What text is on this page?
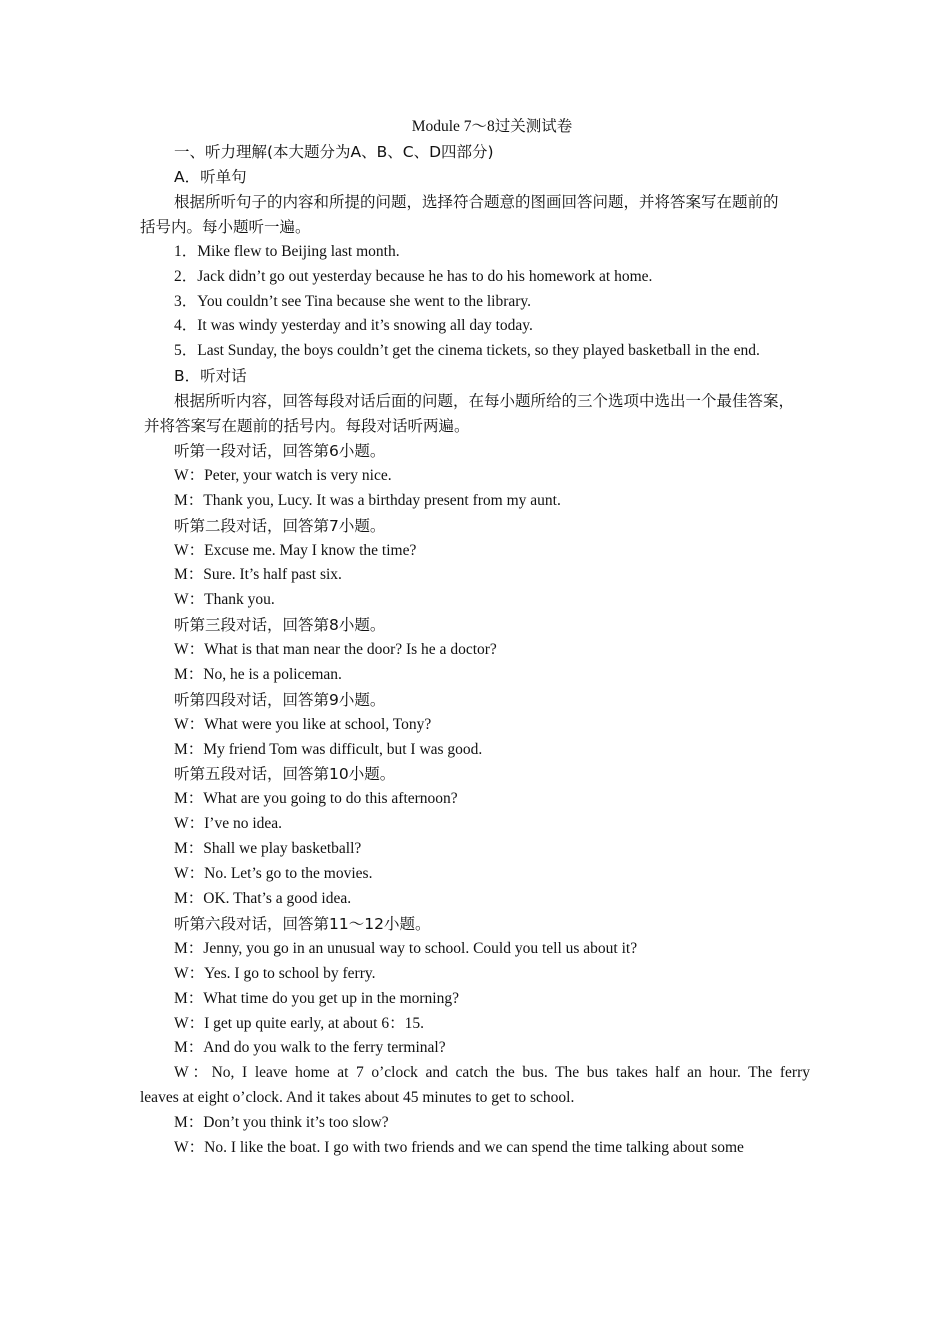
Module 7～8过关测试卷
一、听力理解(本大题分为A、B、C、D四部分)
A．听单句
根据所听句子的内容和所提的问题，选择符合题意的图画回答问题，并将答案写在题前的
括号内。每小题听一遍。
1．Mike flew to Beijing last month.
2．Jack didn’t go out yesterday because he has to do his homework at home.
3．You couldn’t see Tina because she went to the library.
4．It was windy yesterday and it’s snowing all day today.
5．Last Sunday, the boys couldn’t get the cinema tickets, so they played basketball in the end.
B．听对话
根据所听内容，回答每段对话后面的问题，在每小题所给的三个选项中选出一个最佳答案，
并将答案写在题前的括号内。每段对话听两遍。
听第一段对话，回答第6小题。
W：Peter, your watch is very nice.
M：Thank you, Lucy. It was a birthday present from my aunt.
听第二段对话，回答第7小题。
W：Excuse me. May I know the time?
M：Sure. It’s half past six.
W：Thank you.
听第三段对话，回答第8小题。
W：What is that man near the door? Is he a doctor?
M：No, he is a policeman.
听第四段对话，回答第9小题。
W：What were you like at school, Tony?
M：My friend Tom was difficult, but I was good.
听第五段对话，回答第10小题。
M：What are you going to do this afternoon?
W：I’ve no idea.
M：Shall we play basketball?
W：No. Let’s go to the movies.
M：OK. That’s a good idea.
听第六段对话，回答第11～12小题。
M：Jenny, you go in an unusual way to school. Could you tell us about it?
W：Yes. I go to school by ferry.
M：What time do you get up in the morning?
W：I get up quite early, at about 6：15.
M：And do you walk to the ferry terminal?
W：No, I leave home at 7 o’clock and catch the bus. The bus takes half an hour. The ferry
leaves at eight o’clock. And it takes about 45 minutes to get to school.
M：Don’t you think it’s too slow?
W：No. I like the boat. I go with two friends and we can spend the time talking about some
